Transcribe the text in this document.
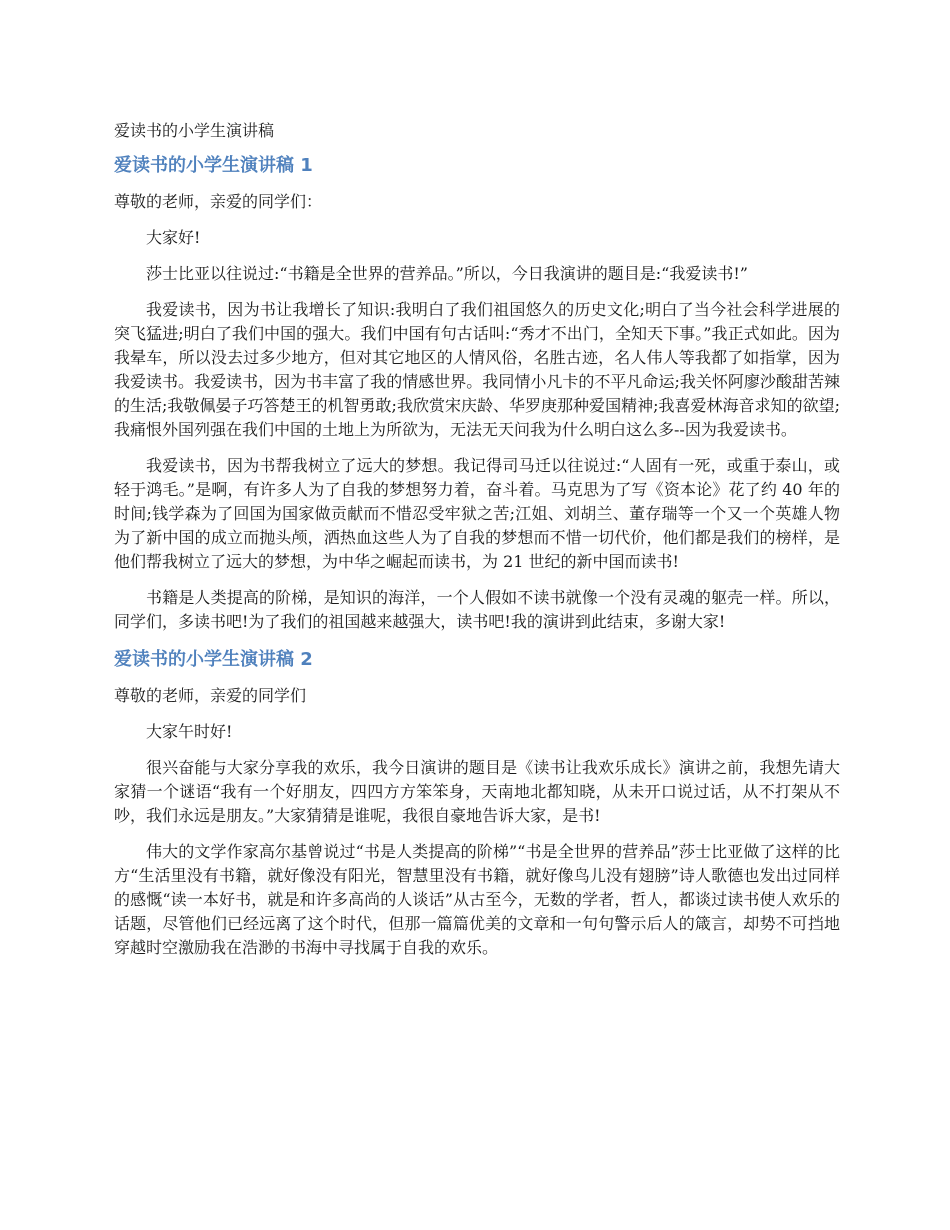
爱读书的小学生演讲稿
爱读书的小学生演讲稿 1
尊敬的老师，亲爱的同学们：

大家好!

莎士比亚以往说过:“书籍是全世界的营养品。”所以，今日我演讲的题目是:“我爱读书!”

我爱读书，因为书让我增长了知识:我明白了我们祖国悠久的历史文化;明白了当今社会科学进展的突飞猛进;明白了我们中国的强大。我们中国有句古话叫:“秀才不出门，全知天下事。”我正式如此。因为我晕车，所以没去过多少地方，但对其它地区的人情风俗，名胜古迹，名人伟人等我都了如指掌，因为我爱读书。我爱读书，因为书丰富了我的情感世界。我同情小凡卡的不平凡命运;我关怀阿廖沙酸甜苦辣的生活;我敬佩晏子巧答楚王的机智勇敢;我欣赏宋庆龄、华罗庚那种爱国精神;我喜爱林海音求知的欲望;我痛恨外国列强在我们中国的土地上为所欲为，无法无天问我为什么明白这么多--因为我爱读书。

我爱读书，因为书帮我树立了远大的梦想。我记得司马迁以往说过:“人固有一死，或重于泰山，或轻于鸿毛。”是啊，有许多人为了自我的梦想努力着，奋斗着。马克思为了写《资本论》花了约 40 年的时间;钱学森为了回国为国家做贡献而不惜忍受牢狱之苦;江姐、刘胡兰、董存瑞等一个又一个英雄人物为了新中国的成立而抛头颅，洒热血这些人为了自我的梦想而不惜一切代价，他们都是我们的榜样，是他们帮我树立了远大的梦想，为中华之崛起而读书，为 21 世纪的新中国而读书!

书籍是人类提高的阶梯，是知识的海洋，一个人假如不读书就像一个没有灵魂的躯壳一样。所以，同学们，多读书吧!为了我们的祖国越来越强大，读书吧!我的演讲到此结束，多谢大家!

爱读书的小学生演讲稿 2
尊敬的老师，亲爱的同学们

大家午时好!

很兴奋能与大家分享我的欢乐，我今日演讲的题目是《读书让我欢乐成长》演讲之前，我想先请大家猜一个谜语“我有一个好朋友，四四方方笨笨身，天南地北都知晓，从未开口说过话，从不打架从不吵，我们永远是朋友。”大家猜猜是谁呢，我很自豪地告诉大家，是书!

伟大的文学作家高尔基曾说过“书是人类提高的阶梯”“书是全世界的营养品”莎士比亚做了这样的比方“生活里没有书籍，就好像没有阳光，智慧里没有书籍，就好像鸟儿没有翅膀”诗人歌德也发出过同样的感慨“读一本好书，就是和许多高尚的人谈话”从古至今，无数的学者，哲人，都谈过读书使人欢乐的话题，尽管他们已经远离了这个时代，但那一篇篇优美的文章和一句句警示后人的箴言，却势不可挡地穿越时空激励我在浩渺的书海中寻找属于自我的欢乐。
